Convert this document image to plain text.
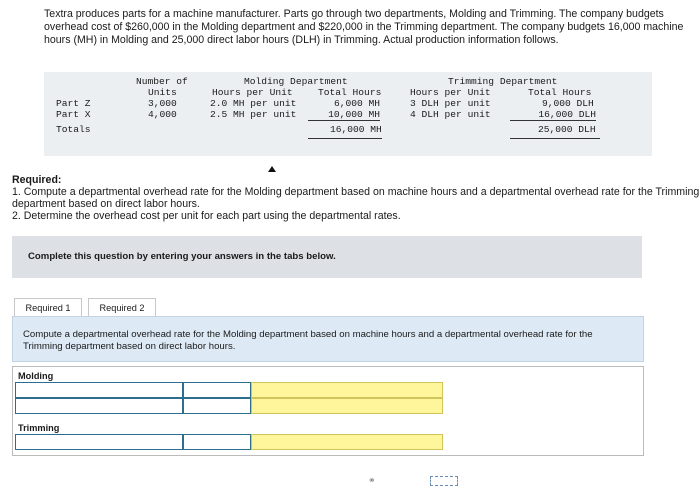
Textra produces parts for a machine manufacturer. Parts go through two departments, Molding and Trimming. The company budgets overhead cost of $260,000 in the Molding department and $220,000 in the Trimming department. The company budgets 16,000 machine hours (MH) in Molding and 25,000 direct labor hours (DLH) in Trimming. Actual production information follows.
Number of
Units
Molding Department
Hours per Unit	Total Hours
Trimming Department
Hours per Unit	Total Hours
Part Z	3,000	2.0 MH per unit	6,000 MH	3 DLH per unit	9,000 DLH
Part X	4,000	2.5 MH per unit	10,000 MH	4 DLH per unit	16,000 DLH
Totals	16,000 MH	25,000 DLH
Required:
1. Compute a departmental overhead rate for the Molding department based on machine hours and a departmental overhead rate for the Trimming department based on direct labor hours.
2. Determine the overhead cost per unit for each part using the departmental rates.
Complete this question by entering your answers in the tabs below.
Required 1	Required 2
Compute a departmental overhead rate for the Molding department based on machine hours and a departmental overhead rate for the Trimming department based on direct labor hours.
Molding
Trimming
⚭
